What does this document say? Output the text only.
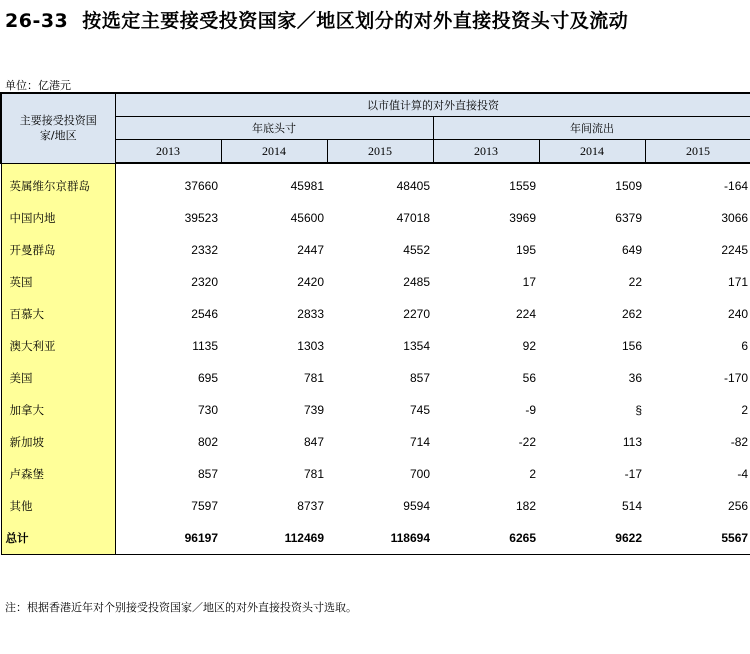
26-33 按选定主要接受投资国家／地区划分的对外直接投资头寸及流动
单位：亿港元
主要接受投资国家/地区	以市值计算的对外直接投资					
	年底头寸			年间流出		
	2013	2014	2015	2013	2014	2015
英属维尔京群岛	37660	45981	48405	1559	1509	-164
中国内地	39523	45600	47018	3969	6379	3066
开曼群岛	2332	2447	4552	195	649	2245
英国	2320	2420	2485	17	22	171
百慕大	2546	2833	2270	224	262	240
澳大利亚	1135	1303	1354	92	156	6
美国	695	781	857	56	36	-170
加拿大	730	739	745	-9	§	2
新加坡	802	847	714	-22	113	-82
卢森堡	857	781	700	2	-17	-4
其他	7597	8737	9594	182	514	256
总计	96197	112469	118694	6265	9622	5567
注：根据香港近年对个别接受投资国家／地区的对外直接投资头寸选取。
